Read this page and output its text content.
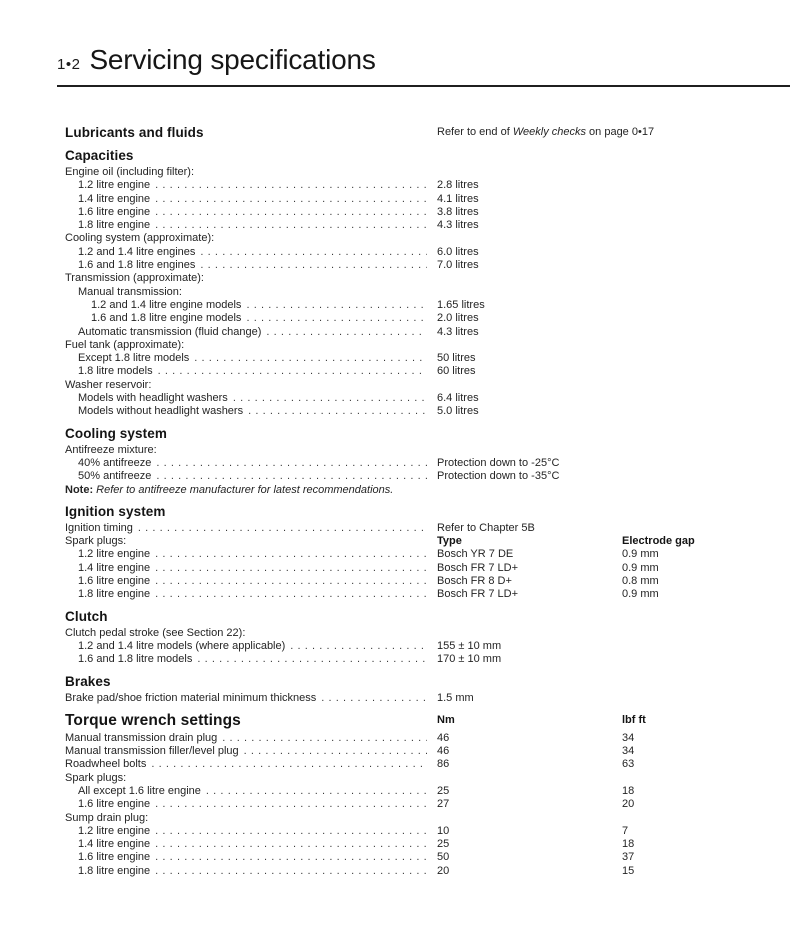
1•2 Servicing specifications
Lubricants and fluids	Refer to end of Weekly checks on page 0•17
Capacities
Engine oil (including filter):
1.2 litre engine .....	2.8 litres
1.4 litre engine .....	4.1 litres
1.6 litre engine .....	3.8 litres
1.8 litre engine .....	4.3 litres
Cooling system (approximate):
1.2 and 1.4 litre engines .....	6.0 litres
1.6 and 1.8 litre engines .....	7.0 litres
Transmission (approximate):
Manual transmission:
1.2 and 1.4 litre engine models .....	1.65 litres
1.6 and 1.8 litre engine models .....	2.0 litres
Automatic transmission (fluid change) .....	4.3 litres
Fuel tank (approximate):
Except 1.8 litre models .....	50 litres
1.8 litre models .....	60 litres
Washer reservoir:
Models with headlight washers .....	6.4 litres
Models without headlight washers .....	5.0 litres
Cooling system
Antifreeze mixture:
40% antifreeze .....	Protection down to -25°C
50% antifreeze .....	Protection down to -35°C
Note: Refer to antifreeze manufacturer for latest recommendations.
Ignition system
Ignition timing .....	Refer to Chapter 5B
Spark plugs:	Type	Electrode gap
1.2 litre engine .....	Bosch YR 7 DE	0.9 mm
1.4 litre engine .....	Bosch FR 7 LD+	0.9 mm
1.6 litre engine .....	Bosch FR 8 D+	0.8 mm
1.8 litre engine .....	Bosch FR 7 LD+	0.9 mm
Clutch
Clutch pedal stroke (see Section 22):
1.2 and 1.4 litre models (where applicable) .....	155 ± 10 mm
1.6 and 1.8 litre models .....	170 ± 10 mm
Brakes
Brake pad/shoe friction material minimum thickness .....	1.5 mm
Torque wrench settings	Nm	lbf ft
Manual transmission drain plug .....	46	34
Manual transmission filler/level plug .....	46	34
Roadwheel bolts .....	86	63
Spark plugs:
All except 1.6 litre engine .....	25	18
1.6 litre engine .....	27	20
Sump drain plug:
1.2 litre engine .....	10	7
1.4 litre engine .....	25	18
1.6 litre engine .....	50	37
1.8 litre engine .....	20	15
